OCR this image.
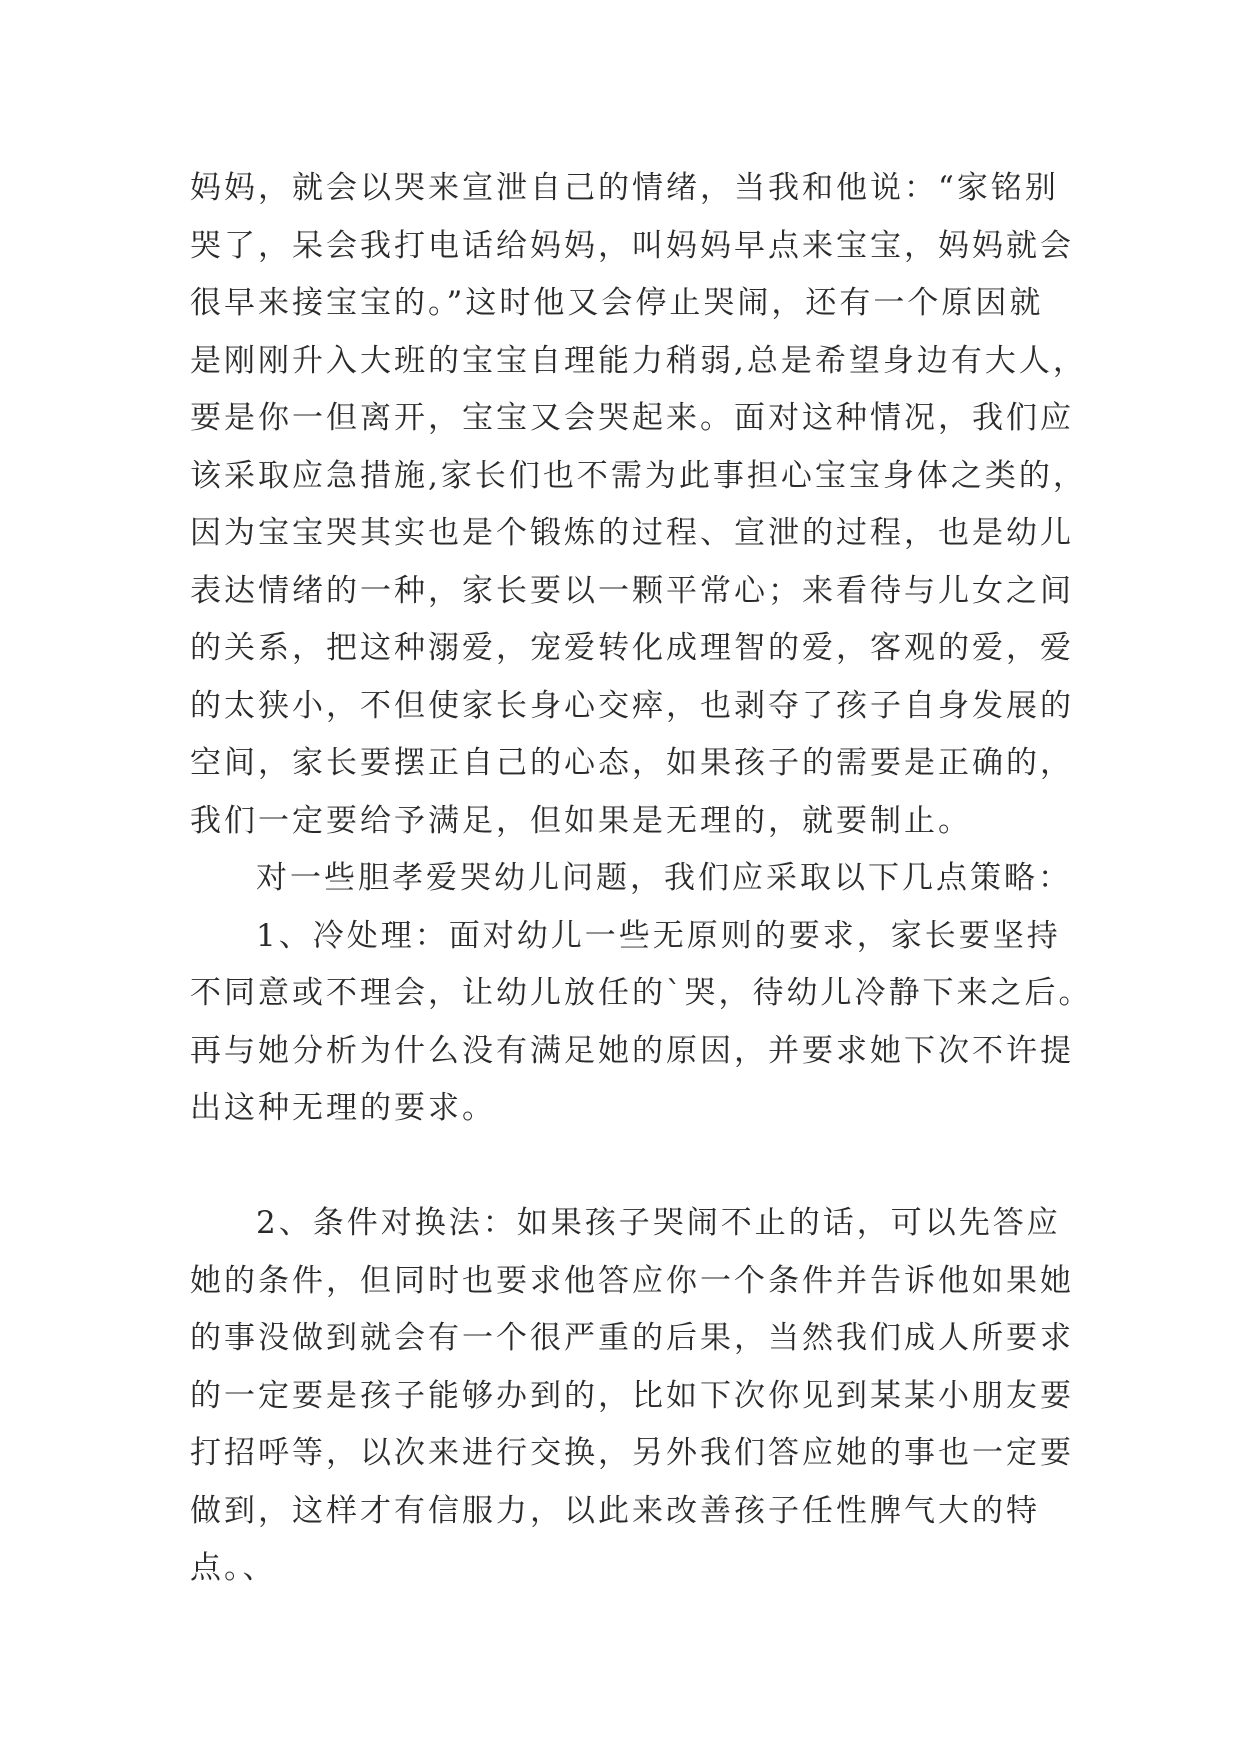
妈妈，就会以哭来宣泄自己的情绪，当我和他说：“家铭别
哭了，呆会我打电话给妈妈，叫妈妈早点来宝宝，妈妈就会
很早来接宝宝的。”这时他又会停止哭闹，还有一个原因就
是刚刚升入大班的宝宝自理能力稍弱,总是希望身边有大人，
要是你一但离开，宝宝又会哭起来。面对这种情况，我们应
该采取应急措施,家长们也不需为此事担心宝宝身体之类的，
因为宝宝哭其实也是个锻炼的过程、宣泄的过程，也是幼儿
表达情绪的一种，家长要以一颗平常心；来看待与儿女之间
的关系，把这种溺爱，宠爱转化成理智的爱，客观的爱，爱
的太狭小，不但使家长身心交瘁，也剥夺了孩子自身发展的
空间，家长要摆正自己的心态，如果孩子的需要是正确的，
我们一定要给予满足，但如果是无理的，就要制止。
对一些胆孝爱哭幼儿问题，我们应采取以下几点策略：
1、冷处理：面对幼儿一些无原则的要求，家长要坚持
不同意或不理会，让幼儿放任的`哭，待幼儿冷静下来之后。
再与她分析为什么没有满足她的原因，并要求她下次不许提
出这种无理的要求。
2、条件对换法：如果孩子哭闹不止的话，可以先答应
她的条件，但同时也要求他答应你一个条件并告诉他如果她
的事没做到就会有一个很严重的后果，当然我们成人所要求
的一定要是孩子能够办到的，比如下次你见到某某小朋友要
打招呼等，以次来进行交换，另外我们答应她的事也一定要
做到，这样才有信服力，以此来改善孩子任性脾气大的特
点。、
